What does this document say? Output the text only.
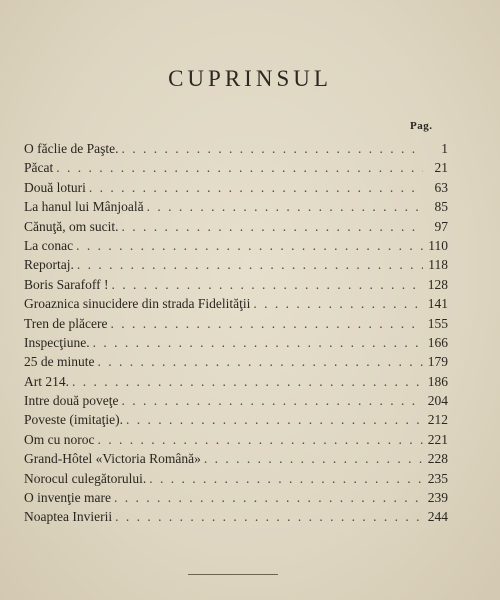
CUPRINSUL
Pag.
O făclie de Paşte. . . .	1
Păcat . . .	21
Două loturi . . .	63
La hanul lui Mânjoală . . .	85
Cănuţă, om sucit. . . .	97
La conac . . .	110
Reportaj. . . .	118
Boris Sarafoff ! . . .	128
Groaznica sinucidere din strada Fidelităţii . . .	141
Tren de plăcere . . .	155
Inspecţiune. . . .	166
25 de minute . . .	179
Art 214. . . .	186
Intre două poveţe . . .	204
Poveste (imitaţie). . . .	212
Om cu noroc . . .	221
Grand-Hôtel «Victoria Română» . . .	228
Norocul culegătorului. . . .	235
O invenţie mare . . .	239
Noaptea Invierii . . .	244
